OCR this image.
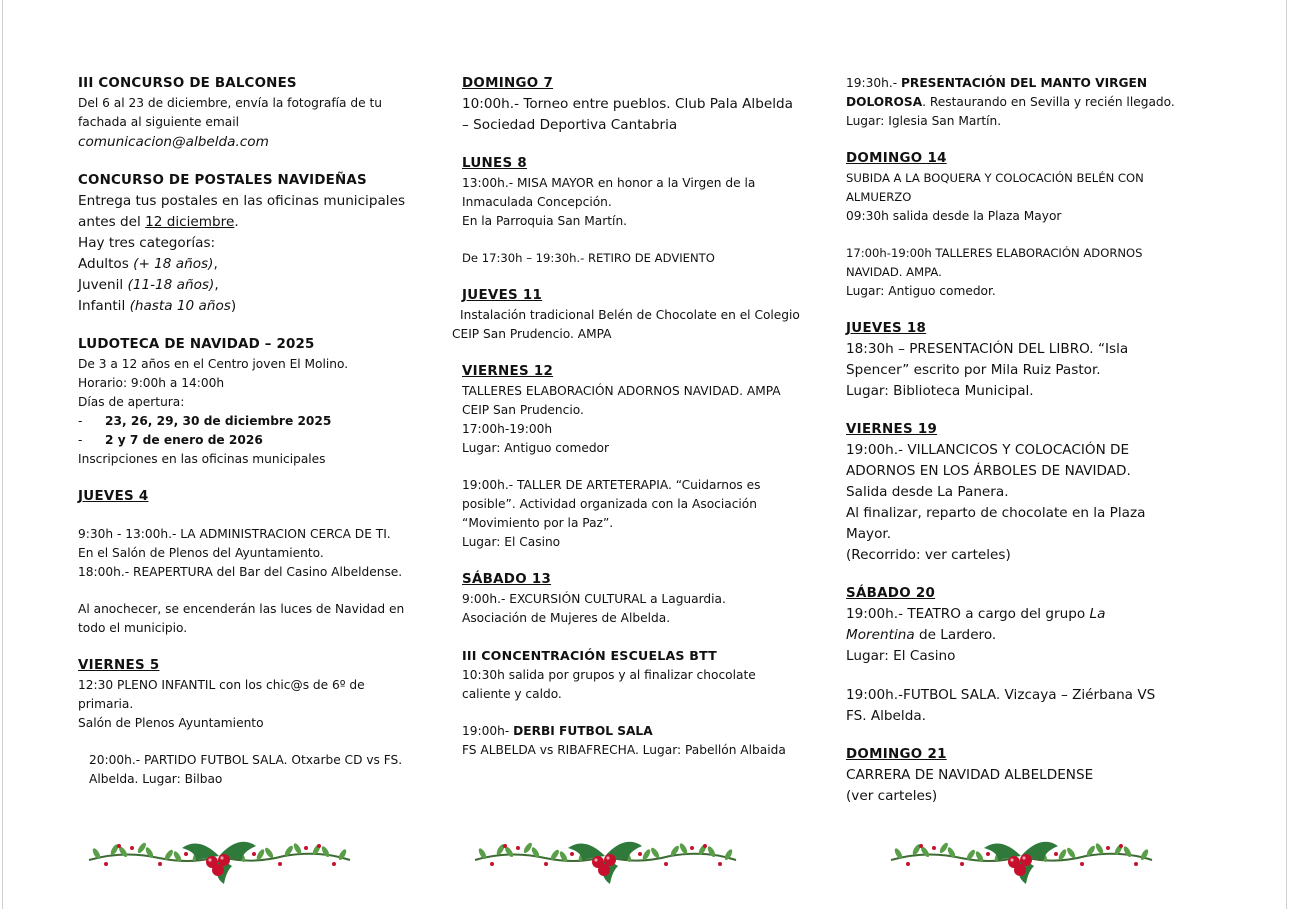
III CONCURSO DE BALCONES

Del 6 al 23 de diciembre, envía la fotografía de tu

fachada al siguiente email

comunicacion@albelda.com

CONCURSO DE POSTALES NAVIDEÑAS

Entrega tus postales en las oficinas municipales

antes del 12 diciembre.

Hay tres categorías:

Adultos (+ 18 años),

Juvenil (11-18 años),

Infantil (hasta 10 años)

LUDOTECA DE NAVIDAD – 2025

De 3 a 12 años en el Centro joven El Molino.

Horario: 9:00h a 14:00h

Días de apertura:

-	23, 26, 29, 30 de diciembre 2025
-	2 y 7 de enero de 2026

Inscripciones en las oficinas municipales

JUEVES 4

9:30h - 13:00h.- LA ADMINISTRACION CERCA DE TI.

En el Salón de Plenos del Ayuntamiento.

18:00h.- REAPERTURA del Bar del Casino Albeldense.

Al anochecer, se encenderán las luces de Navidad en

todo el municipio.

VIERNES 5

12:30 PLENO INFANTIL con los chic@s de 6º de

primaria.

Salón de Plenos Ayuntamiento

20:00h.- PARTIDO FUTBOL SALA. Otxarbe CD vs FS.

Albelda. Lugar: Bilbao

DOMINGO 7

10:00h.- Torneo entre pueblos. Club Pala Albelda

– Sociedad Deportiva Cantabria

LUNES 8

13:00h.- MISA MAYOR en honor a la Virgen de la

Inmaculada Concepción.

En la Parroquia San Martín.

De 17:30h – 19:30h.- RETIRO DE ADVIENTO

JUEVES 11

Instalación tradicional Belén de Chocolate en el Colegio

CEIP San Prudencio. AMPA

VIERNES 12

TALLERES ELABORACIÓN ADORNOS NAVIDAD. AMPA

CEIP San Prudencio.

17:00h-19:00h

Lugar: Antiguo comedor

19:00h.- TALLER DE ARTETERAPIA. “Cuidarnos es

posible”. Actividad organizada con la Asociación

“Movimiento por la Paz”.

Lugar: El Casino

SÁBADO 13

9:00h.- EXCURSIÓN CULTURAL a Laguardia.

Asociación de Mujeres de Albelda.

III CONCENTRACIÓN ESCUELAS BTT

10:30h salida por grupos y al finalizar chocolate

caliente y caldo.

19:00h- DERBI FUTBOL SALA

FS ALBELDA vs RIBAFRECHA. Lugar: Pabellón Albaida

19:30h.- PRESENTACIÓN DEL MANTO VIRGEN

DOLOROSA. Restaurando en Sevilla y recién llegado.

Lugar: Iglesia San Martín.

DOMINGO 14

SUBIDA A LA BOQUERA Y COLOCACIÓN BELÉN CON

ALMUERZO

09:30h salida desde la Plaza Mayor

17:00h-19:00h TALLERES ELABORACIÓN ADORNOS

NAVIDAD. AMPA.

Lugar: Antiguo comedor.

JUEVES 18

18:30h – PRESENTACIÓN DEL LIBRO. “Isla

Spencer” escrito por Mila Ruiz Pastor.

Lugar: Biblioteca Municipal.

VIERNES 19

19:00h.- VILLANCICOS Y COLOCACIÓN DE

ADORNOS EN LOS ÁRBOLES DE NAVIDAD.

Salida desde La Panera.

Al finalizar, reparto de chocolate en la Plaza

Mayor.

(Recorrido: ver carteles)

SÁBADO 20

19:00h.- TEATRO a cargo del grupo La

Morentina de Lardero.

Lugar: El Casino

19:00h.-FUTBOL SALA. Vizcaya – Ziérbana VS

FS. Albelda.

DOMINGO 21

CARRERA DE NAVIDAD ALBELDENSE

(ver carteles)
